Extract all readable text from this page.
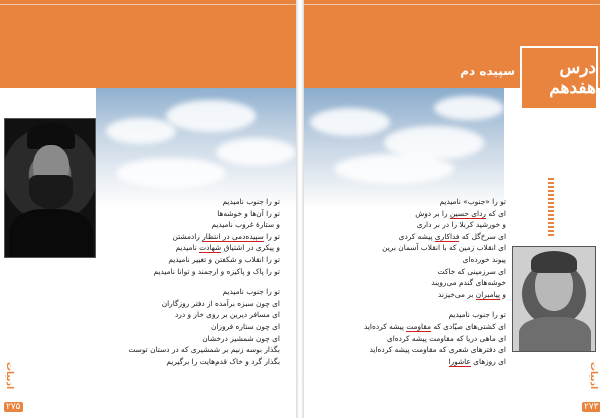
درس هفدهم
سپیده دم
ادبیات	ادبیات
۲۷۵	۲۷۳
تو را «جنوب» نامیدیم
ای که ردای حسین را بر دوش
و خورشید کربلا را در بر داری
ای سرخ‌گل که فداکاری پیشه کردی
ای انقلاب زمین که با انقلاب آسمان برین
پیوند خورده‌ای
ای سرزمینی که خاکت
خوشه‌های گندم می‌رویند
و پیامبران بر می‌خیزند
تو را جنوب نامیدیم
ای کشتی‌های صیّادی که مقاومت پیشه کرده‌اید
ای ماهی دریا که مقاومت پیشه کرده‌ای
ای دفترهای شعری که مقاومت پیشه کرده‌اید
ای روزهای عاشورا
تو را جنوب نامیدیم
تو را آن‌ها و خوشه‌ها
و ستارهٔ غروب نامیدیم
تو را سپیده‌دمی در انتظار رادمشتن
و پیکری در اشتیاق شهادت نامیدیم
تو را انقلاب و شکفتن و تغییر نامیدیم
تو را پاک و پاکیزه و ارجمند و توانا نامیدیم
تو را جنوب نامیدیم
ای چون سبزه برآمده از دفتر روزگاران
ای مسافر دیرین بر روی خار و درد
ای چون ستاره فروزان
ای چون شمشیر درخشان
بگذار بوسه زنیم بر شمشیری که در دستان توست
بگذار گرد و خاک قدم‌هایت را برگیریم
